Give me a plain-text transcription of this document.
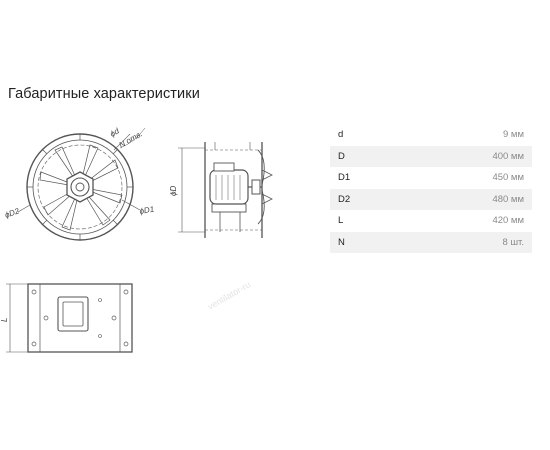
Габаритные характеристики
ϕd
N отв.
ϕD2	ϕD1
ϕD
L
ventilator-ru
d	9 мм
D	400 мм
D1	450 мм
D2	480 мм
L	420 мм
N	8 шт.
